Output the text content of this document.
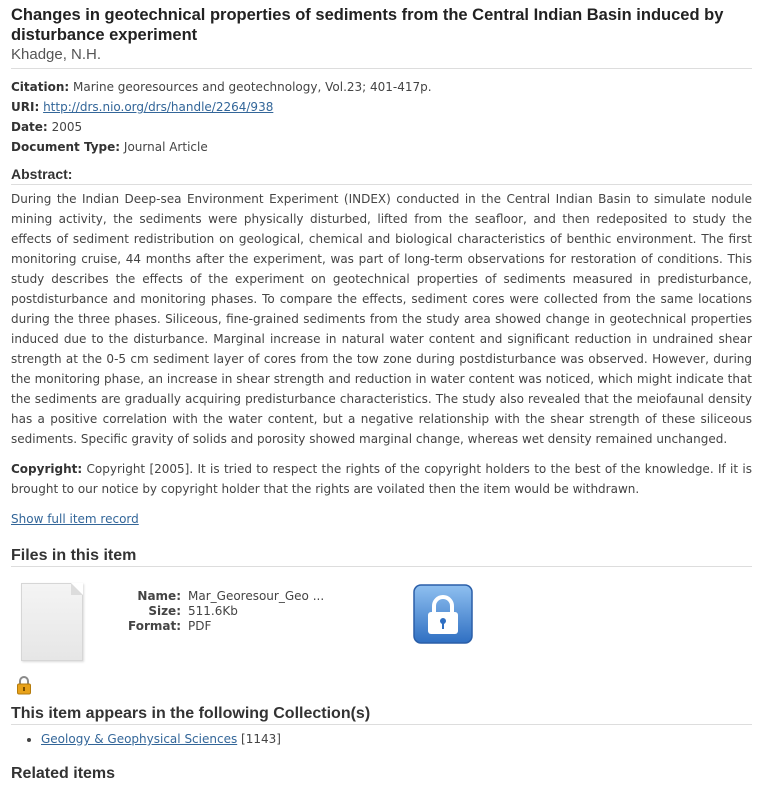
Changes in geotechnical properties of sediments from the Central Indian Basin induced by disturbance experiment
Khadge, N.H.
Citation: Marine georesources and geotechnology, Vol.23; 401-417p.
URI: http://drs.nio.org/drs/handle/2264/938
Date: 2005
Document Type: Journal Article
Abstract:
During the Indian Deep-sea Environment Experiment (INDEX) conducted in the Central Indian Basin to simulate nodule mining activity, the sediments were physically disturbed, lifted from the seafloor, and then redeposited to study the effects of sediment redistribution on geological, chemical and biological characteristics of benthic environment. The first monitoring cruise, 44 months after the experiment, was part of long-term observations for restoration of conditions. This study describes the effects of the experiment on geotechnical properties of sediments measured in predisturbance, postdisturbance and monitoring phases. To compare the effects, sediment cores were collected from the same locations during the three phases. Siliceous, fine-grained sediments from the study area showed change in geotechnical properties induced due to the disturbance. Marginal increase in natural water content and significant reduction in undrained shear strength at the 0-5 cm sediment layer of cores from the tow zone during postdisturbance was observed. However, during the monitoring phase, an increase in shear strength and reduction in water content was noticed, which might indicate that the sediments are gradually acquiring predisturbance characteristics. The study also revealed that the meiofaunal density has a positive correlation with the water content, but a negative relationship with the shear strength of these siliceous sediments. Specific gravity of solids and porosity showed marginal change, whereas wet density remained unchanged.
Copyright: Copyright [2005]. It is tried to respect the rights of the copyright holders to the best of the knowledge. If it is brought to our notice by copyright holder that the rights are voilated then the item would be withdrawn.
Show full item record
Files in this item
Name: Mar_Georesour_Geo ...
Size: 511.6Kb
Format: PDF
This item appears in the following Collection(s)
• Geology & Geophysical Sciences [1143]
Related items
